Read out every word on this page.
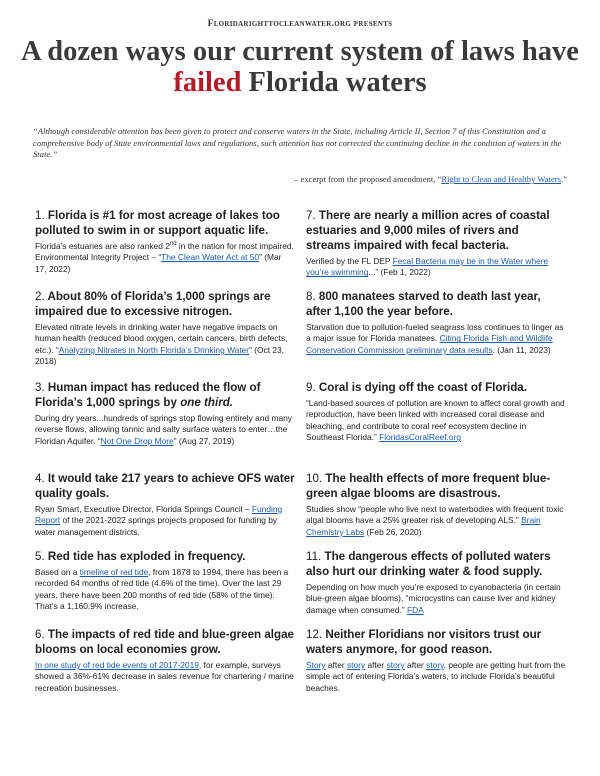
Floridarighttocleanwater.org presents
A dozen ways our current system of laws have failed Florida waters

“Although considerable attention has been given to protect and conserve waters in the State, including Article II, Section 7 of this Constitution and a comprehensive body of State environmental laws and regulations, such attention has not corrected the continuing decline in the condition of waters in the State.”

– excerpt from the proposed amendment, “Right to Clean and Healthy Waters.”
1. Florida is #1 for most acreage of lakes too polluted to swim in or support aquatic life.

Florida’s estuaries are also ranked 2nd in the nation for most impaired. Environmental Integrity Project – “The Clean Water Act at 50” (Mar 17, 2022)

2. About 80% of Florida’s 1,000 springs are impaired due to excessive nitrogen.

Elevated nitrate levels in drinking water have negative impacts on human health (reduced blood oxygen, certain cancers, birth defects, etc.). “Analyzing Nitrates in North Florida’s Drinking Water” (Oct 23, 2018)

3. Human impact has reduced the flow of Florida’s 1,000 springs by one third.

During dry years...hundreds of springs stop flowing entirely and many reverse flows, allowing tannic and salty surface waters to enter…the Floridan Aquifer. “Not One Drop More” (Aug 27, 2019)

4. It would take 217 years to achieve OFS water quality goals.

Ryan Smart, Executive Director, Florida Springs Council – Funding Report of the 2021-2022 springs projects proposed for funding by water management districts.

5. Red tide has exploded in frequency.

Based on a timeline of red tide, from 1878 to 1994, there has been a recorded 64 months of red tide (4.6% of the time). Over the last 29 years, there have been 200 months of red tide (58% of the time). That’s a 1,160.9% increase.

6. The impacts of red tide and blue-green algae blooms on local economies grow.

In one study of red tide events of 2017-2019, for example, surveys showed a 36%-61% decrease in sales revenue for chartering / marine recreation businesses.

7. There are nearly a million acres of coastal estuaries and 9,000 miles of rivers and streams impaired with fecal bacteria.

Verified by the FL DEP Fecal Bacteria may be in the Water where you’re swimming...” (Feb 1, 2022)

8. 800 manatees starved to death last year, after 1,100 the year before.

Starvation due to pollution-fueled seagrass loss continues to linger as a major issue for Florida manatees. Citing Florida Fish and Wildlife Conservation Commission preliminary data results. (Jan 11, 2023)

9. Coral is dying off the coast of Florida.

“Land-based sources of pollution are known to affect coral growth and reproduction, have been linked with increased coral disease and bleaching, and contribute to coral reef ecosystem decline in Southeast Florida.” FloridasCoralReef.org

10. The health effects of more frequent blue-green algae blooms are disastrous.

Studies show “people who live next to waterbodies with frequent toxic algal blooms have a 25% greater risk of developing ALS.” Brain Chemistry Labs (Feb 26, 2020)

11. The dangerous effects of polluted waters also hurt our drinking water & food supply.

Depending on how much you’re exposed to cyanobacteria (in certain blue-green algae blooms), “microcystins can cause liver and kidney damage when consumed.” FDA

12. Neither Floridians nor visitors trust our waters anymore, for good reason.

Story after story after story after story, people are getting hurt from the simple act of entering Florida’s waters, to include Florida’s beautiful beaches.
